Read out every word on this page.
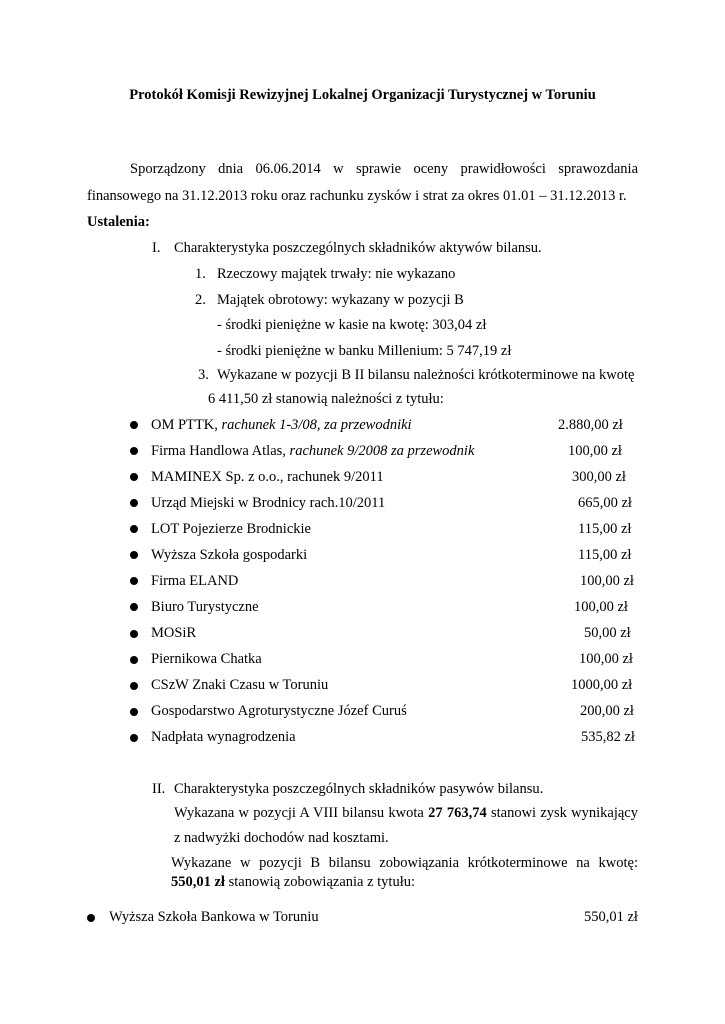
Protokół Komisji Rewizyjnej Lokalnej Organizacji Turystycznej w Toruniu
Sporządzony dnia 06.06.2014 w sprawie oceny prawidłowości sprawozdania
finansowego na 31.12.2013 roku oraz rachunku zysków i strat za okres 01.01 – 31.12.2013 r.
Ustalenia:
I. Charakterystyka poszczególnych składników aktywów bilansu.
1. Rzeczowy majątek trwały: nie wykazano
2. Majątek obrotowy: wykazany w pozycji B
- środki pieniężne w kasie na kwotę: 303,04 zł
- środki pieniężne w banku Millenium: 5 747,19 zł
3. Wykazane w pozycji B II bilansu należności krótkoterminowe na kwotę
6 411,50 zł stanowią należności z tytułu:
OM PTTK, rachunek 1-3/08, za przewodniki	2.880,00 zł
Firma Handlowa Atlas, rachunek 9/2008 za przewodnik	100,00 zł
MAMINEX Sp. z o.o., rachunek 9/2011	300,00 zł
Urząd Miejski w Brodnicy rach.10/2011	665,00 zł
LOT Pojezierze Brodnickie	115,00 zł
Wyższa Szkoła gospodarki	115,00 zł
Firma ELAND	100,00 zł
Biuro Turystyczne	100,00 zł
MOSiR	50,00 zł
Piernikowa Chatka	100,00 zł
CSzW Znaki Czasu w Toruniu	1000,00 zł
Gospodarstwo Agroturystyczne Józef Curuś	200,00 zł
Nadpłata wynagrodzenia	535,82 zł
II. Charakterystyka poszczególnych składników pasywów bilansu.
Wykazana w pozycji A VIII bilansu kwota 27 763,74 stanowi zysk wynikający
z nadwyżki dochodów nad kosztami.
Wykazane w pozycji B bilansu zobowiązania krótkoterminowe na kwotę:
550,01 zł stanowią zobowiązania z tytułu:
Wyższa Szkoła Bankowa w Toruniu	550,01 zł
